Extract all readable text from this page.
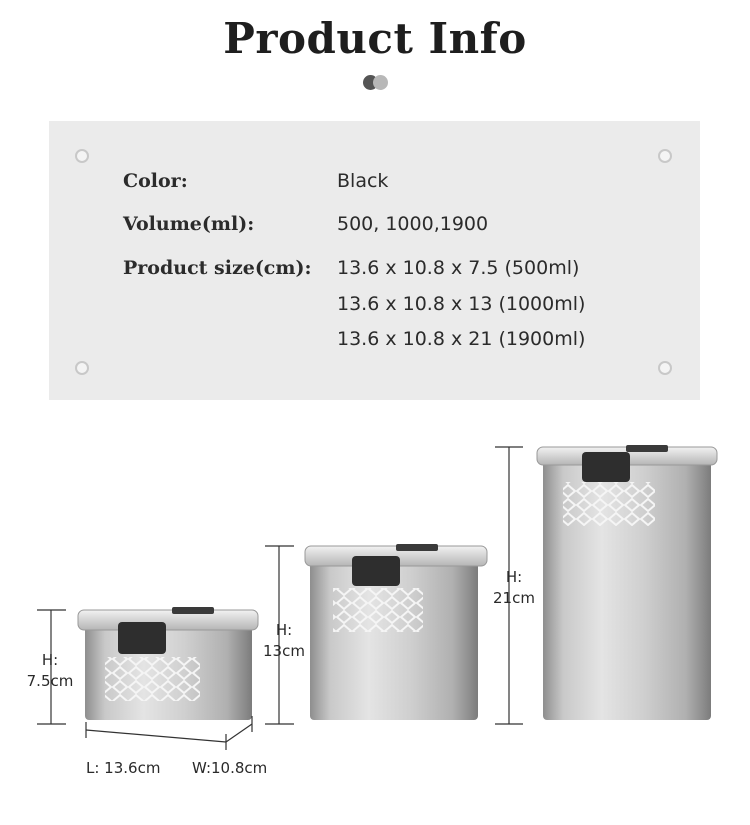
Product Info
Color:	Black
Volume(ml):	500, 1000,1900
Product size(cm): 13.6 x 10.8 x 7.5 (500ml)
13.6 x 10.8 x 13 (1000ml)
13.6 x 10.8 x 21 (1900ml)
H:
7.5cm
H:
13cm
H:
21cm
L: 13.6cm	W:10.8cm
